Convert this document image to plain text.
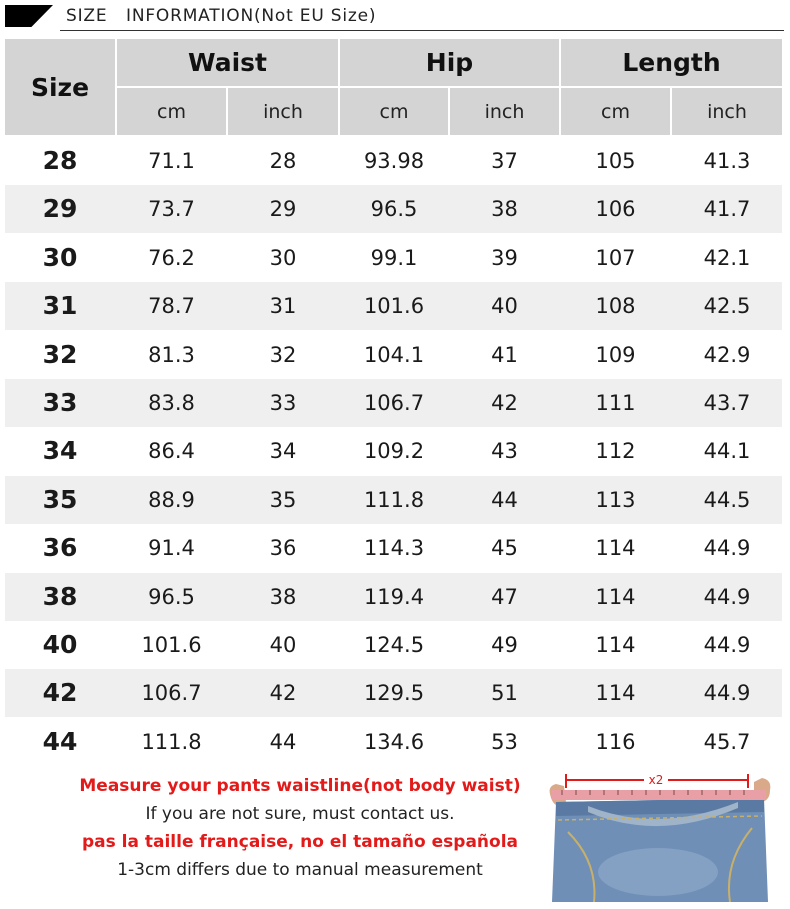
SIZE   INFORMATION(Not EU Size)
Size
Waist	Hip	Length
cm	inch	cm	inch	cm	inch
28	71.1	28	93.98	37	105	41.3
29	73.7	29	96.5	38	106	41.7
30	76.2	30	99.1	39	107	42.1
31	78.7	31	101.6	40	108	42.5
32	81.3	32	104.1	41	109	42.9
33	83.8	33	106.7	42	111	43.7
34	86.4	34	109.2	43	112	44.1
35	88.9	35	111.8	44	113	44.5
36	91.4	36	114.3	45	114	44.9
38	96.5	38	119.4	47	114	44.9
40	101.6	40	124.5	49	114	44.9
42	106.7	42	129.5	51	114	44.9
44	111.8	44	134.6	53	116	45.7
Measure your pants waistline(not body waist)
If you are not sure, must contact us.
pas la taille française, no el tamaño española
1-3cm differs due to manual measurement
x2
